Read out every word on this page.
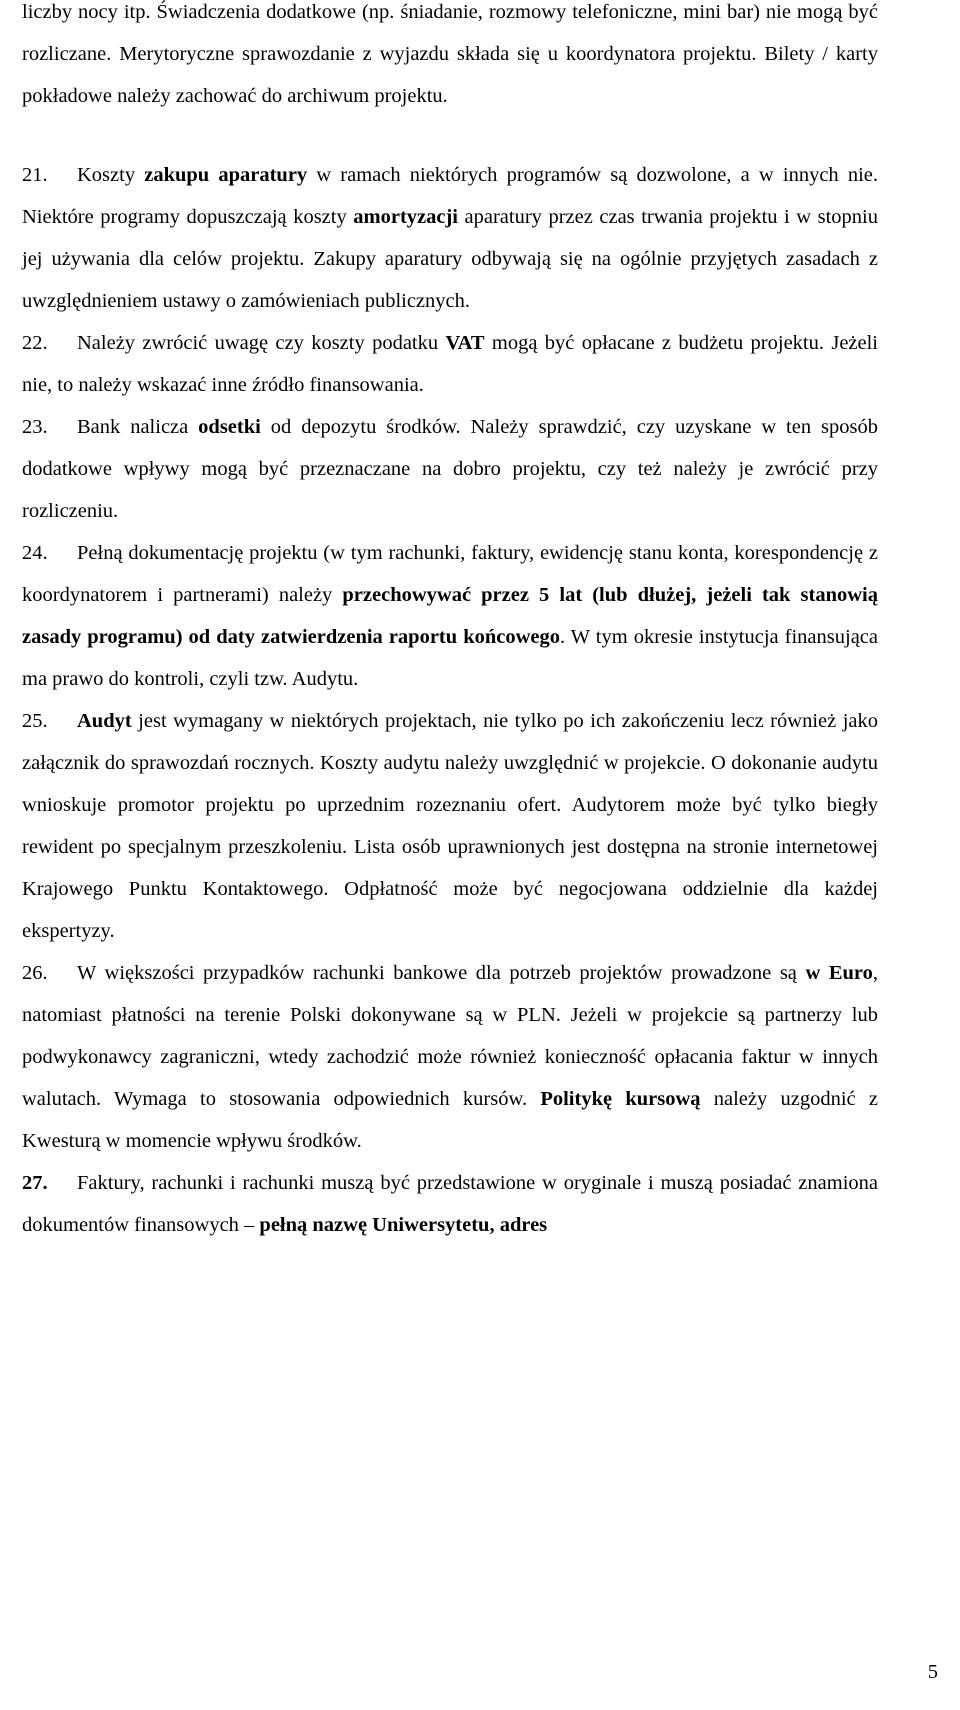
liczby nocy itp. Świadczenia dodatkowe (np. śniadanie, rozmowy telefoniczne, mini bar) nie mogą być rozliczane. Merytoryczne sprawozdanie z wyjazdu składa się u koordynatora projektu. Bilety / karty pokładowe należy zachować do archiwum projektu.

21. Koszty zakupu aparatury w ramach niektórych programów są dozwolone, a w innych nie. Niektóre programy dopuszczają koszty amortyzacji aparatury przez czas trwania projektu i w stopniu jej używania dla celów projektu. Zakupy aparatury odbywają się na ogólnie przyjętych zasadach z uwzględnieniem ustawy o zamówieniach publicznych.

22. Należy zwrócić uwagę czy koszty podatku VAT mogą być opłacane z budżetu projektu. Jeżeli nie, to należy wskazać inne źródło finansowania.

23. Bank nalicza odsetki od depozytu środków. Należy sprawdzić, czy uzyskane w ten sposób dodatkowe wpływy mogą być przeznaczane na dobro projektu, czy też należy je zwrócić przy rozliczeniu.

24. Pełną dokumentację projektu (w tym rachunki, faktury, ewidencję stanu konta, korespondencję z koordynatorem i partnerami) należy przechowywać przez 5 lat (lub dłużej, jeżeli tak stanowią zasady programu) od daty zatwierdzenia raportu końcowego. W tym okresie instytucja finansująca ma prawo do kontroli, czyli tzw. Audytu.

25. Audyt jest wymagany w niektórych projektach, nie tylko po ich zakończeniu lecz również jako załącznik do sprawozdań rocznych. Koszty audytu należy uwzględnić w projekcie. O dokonanie audytu wnioskuje promotor projektu po uprzednim rozeznaniu ofert. Audytorem może być tylko biegły rewident po specjalnym przeszkoleniu. Lista osób uprawnionych jest dostępna na stronie internetowej Krajowego Punktu Kontaktowego. Odpłatność może być negocjowana oddzielnie dla każdej ekspertyzy.

26. W większości przypadków rachunki bankowe dla potrzeb projektów prowadzone są w Euro, natomiast płatności na terenie Polski dokonywane są w PLN. Jeżeli w projekcie są partnerzy lub podwykonawcy zagraniczni, wtedy zachodzić może również konieczność opłacania faktur w innych walutach. Wymaga to stosowania odpowiednich kursów. Politykę kursową należy uzgodnić z Kwesturą w momencie wpływu środków.

27. Faktury, rachunki i rachunki muszą być przedstawione w oryginale i muszą posiadać znamiona dokumentów finansowych – pełną nazwę Uniwersytetu, adres

5
